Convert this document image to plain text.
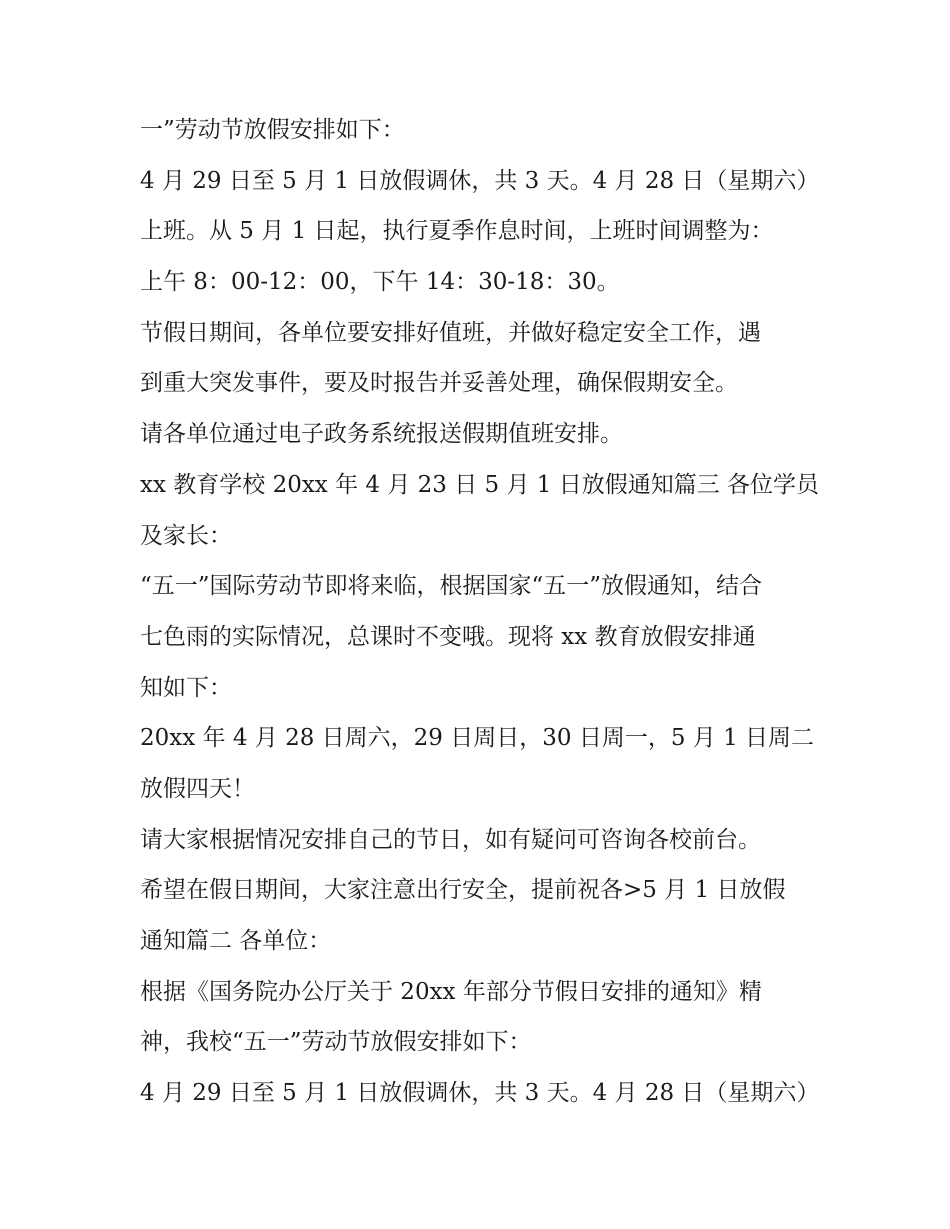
一”劳动节放假安排如下：
4 月 29 日至 5 月 1 日放假调休，共 3 天。4 月 28 日（星期六）
上班。从 5 月 1 日起，执行夏季作息时间，上班时间调整为：
上午 8：00-12：00，下午 14：30-18：30。
节假日期间，各单位要安排好值班，并做好稳定安全工作，遇
到重大突发事件，要及时报告并妥善处理，确保假期安全。
请各单位通过电子政务系统报送假期值班安排。
xx 教育学校 20xx 年 4 月 23 日 5 月 1 日放假通知篇三 各位学员
及家长：
“五一”国际劳动节即将来临，根据国家“五一”放假通知，结合
七色雨的实际情况，总课时不变哦。现将 xx 教育放假安排通
知如下：
20xx 年 4 月 28 日周六，29 日周日，30 日周一，5 月 1 日周二
放假四天！
请大家根据情况安排自己的节日，如有疑问可咨询各校前台。
希望在假日期间，大家注意出行安全，提前祝各>5 月 1 日放假
通知篇二 各单位：
根据《国务院办公厅关于 20xx 年部分节假日安排的通知》精
神，我校“五一”劳动节放假安排如下：
4 月 29 日至 5 月 1 日放假调休，共 3 天。4 月 28 日（星期六）
